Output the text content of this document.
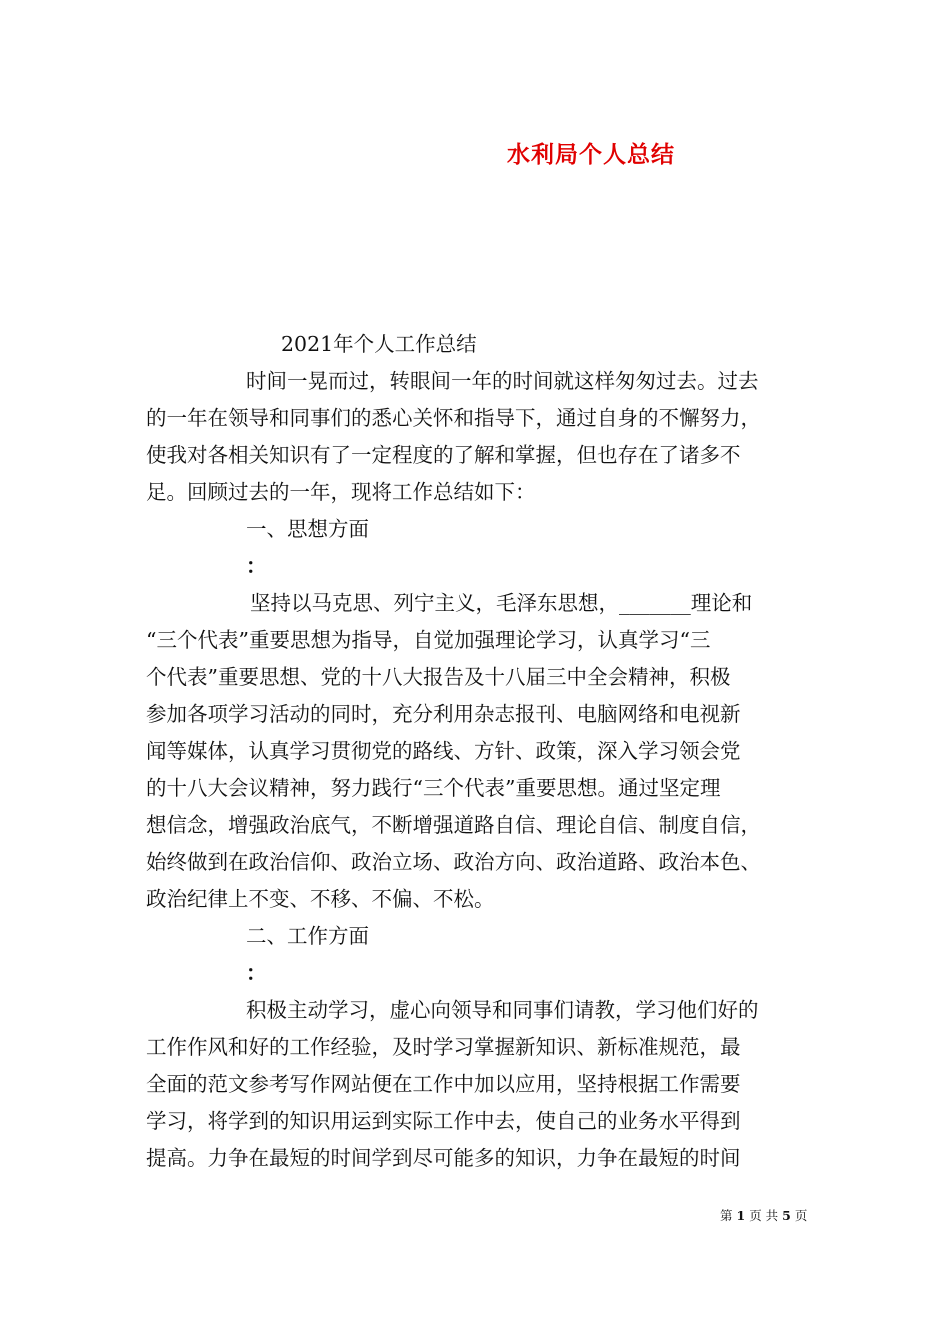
水利局个人总结
2021年个人工作总结
时间一晃而过，转眼间一年的时间就这样匆匆过去。过去
的一年在领导和同事们的悉心关怀和指导下，通过自身的不懈努力，
使我对各相关知识有了一定程度的了解和掌握，但也存在了诸多不
足。回顾过去的一年，现将工作总结如下：
一、思想方面
：
坚持以马克思、列宁主义，毛泽东思想，_______理论和
“三个代表”重要思想为指导，自觉加强理论学习，认真学习“三
个代表”重要思想、党的十八大报告及十八届三中全会精神，积极
参加各项学习活动的同时，充分利用杂志报刊、电脑网络和电视新
闻等媒体，认真学习贯彻党的路线、方针、政策，深入学习领会党
的十八大会议精神，努力践行“三个代表”重要思想。通过坚定理
想信念，增强政治底气，不断增强道路自信、理论自信、制度自信，
始终做到在政治信仰、政治立场、政治方向、政治道路、政治本色、
政治纪律上不变、不移、不偏、不松。
二、工作方面
：
积极主动学习，虚心向领导和同事们请教，学习他们好的
工作作风和好的工作经验，及时学习掌握新知识、新标准规范，最
全面的范文参考写作网站便在工作中加以应用，坚持根据工作需要
学习，将学到的知识用运到实际工作中去，使自己的业务水平得到
提高。力争在最短的时间学到尽可能多的知识，力争在最短的时间
第 1 页 共 5 页
